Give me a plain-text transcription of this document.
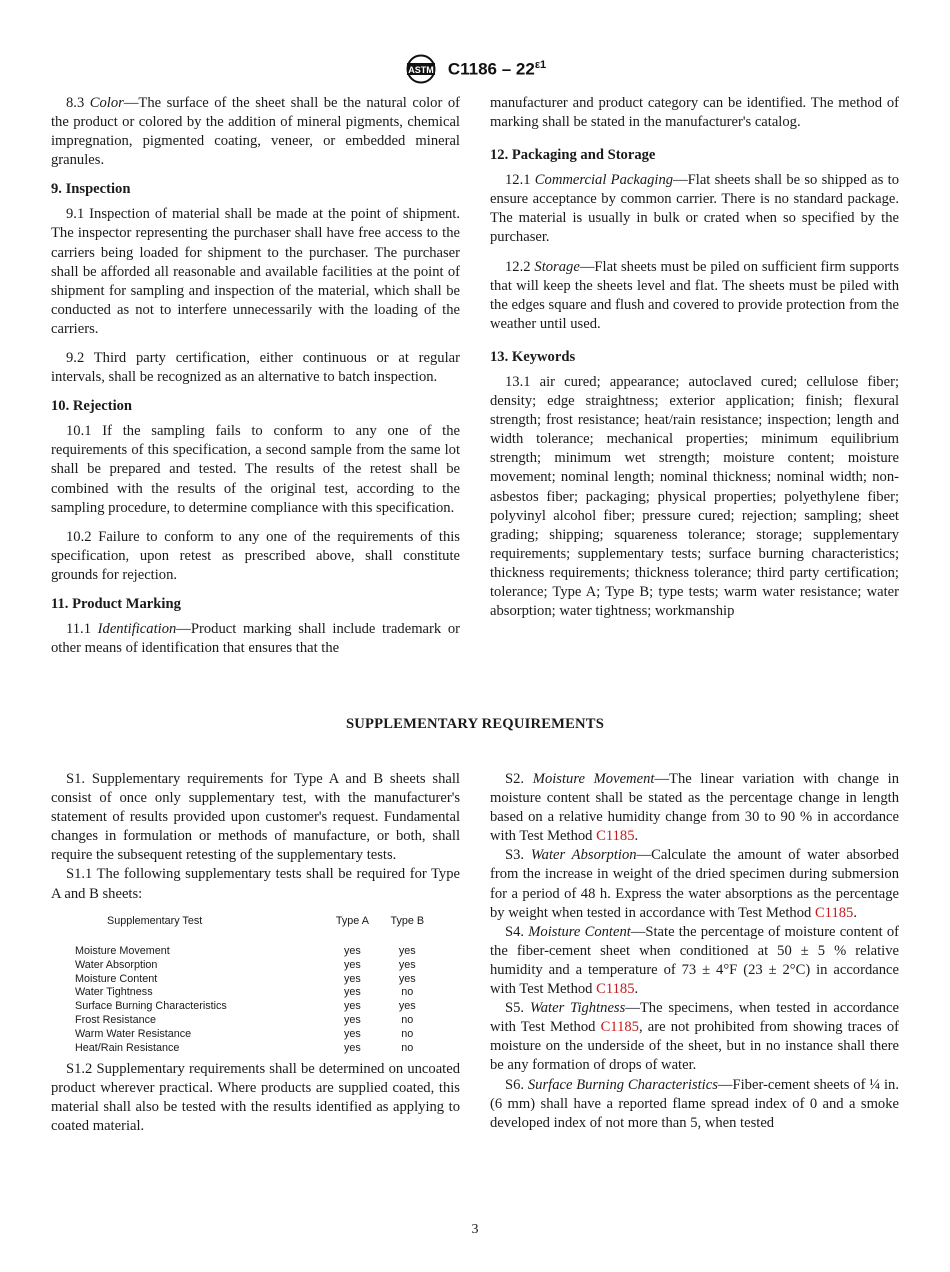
ASTM $C1186 - 22^{\varepsilon 1}$

8.3 Color—The surface of the sheet shall be the natural color of the product or colored by the addition of mineral pigments, chemical impregnation, pigmented coating, veneer, or embedded mineral granules.

9. Inspection

9.1 Inspection of material shall be made at the point of shipment. The inspector representing the purchaser shall have free access to the carriers being loaded for shipment to the purchaser. The purchaser shall be afforded all reasonable and available facilities at the point of shipment for sampling and inspection of the material, which shall be conducted as not to interfere unnecessarily with the loading of the carriers.

9.2 Third party certification, either continuous or at regular intervals, shall be recognized as an alternative to batch inspection.

10. Rejection

10.1 If the sampling fails to conform to any one of the requirements of this specification, a second sample from the same lot shall be prepared and tested. The results of the retest shall be combined with the results of the original test, according to the sampling procedure, to determine compliance with this specification.

10.2 Failure to conform to any one of the requirements of this specification, upon retest as prescribed above, shall constitute grounds for rejection.

11. Product Marking

11.1 Identification—Product marking shall include trademark or other means of identification that ensures that the

manufacturer and product category can be identified. The method of marking shall be stated in the manufacturer's catalog.

12. Packaging and Storage

12.1 Commercial Packaging—Flat sheets shall be so shipped as to ensure acceptance by common carrier. There is no standard package. The material is usually in bulk or crated when so specified by the purchaser.

12.2 Storage—Flat sheets must be piled on sufficient firm supports that will keep the sheets level and flat. The sheets must be piled with the edges square and flush and covered to provide protection from the weather until used.

13. Keywords

13.1 air cured; appearance; autoclaved cured; cellulose fiber; density; edge straightness; exterior application; finish; flexural strength; frost resistance; heat/rain resistance; inspection; length and width tolerance; mechanical properties; minimum equilibrium strength; minimum wet strength; moisture content; moisture movement; nominal length; nominal thickness; nominal width; non-asbestos fiber; packaging; physical properties; polyethylene fiber; polyvinyl alcohol fiber; pressure cured; rejection; sampling; sheet grading; shipping; squareness tolerance; storage; supplementary requirements; supplementary tests; surface burning characteristics; thickness requirements; thickness tolerance; third party certification; tolerance; Type A; Type B; type tests; warm water resistance; water absorption; water tightness; workmanship

SUPPLEMENTARY REQUIREMENTS

S1. Supplementary requirements for Type A and B sheets shall consist of once only supplementary test, with the manufacturer's statement of results provided upon customer's request. Fundamental changes in formulation or methods of manufacture, or both, shall require the subsequent retesting of the supplementary tests.

S1.1 The following supplementary tests shall be required for Type A and B sheets:

Supplementary Test	Type A	Type B
Moisture Movement	yes	yes
Water Absorption	yes	yes
Moisture Content	yes	yes
Water Tightness	yes	no
Surface Burning Characteristics	yes	yes
Frost Resistance	yes	no
Warm Water Resistance	yes	no
Heat/Rain Resistance	yes	no

S1.2 Supplementary requirements shall be determined on uncoated product wherever practical. Where products are supplied coated, this material shall also be tested with the results identified as applying to coated material.

S2. Moisture Movement—The linear variation with change in moisture content shall be stated as the percentage change in length based on a relative humidity change from 30 to 90 % in accordance with Test Method C1185.

S3. Water Absorption—Calculate the amount of water absorbed from the increase in weight of the dried specimen during submersion for a period of 48 h. Express the water absorptions as the percentage by weight when tested in accordance with Test Method C1185.

S4. Moisture Content—State the percentage of moisture content of the fiber-cement sheet when conditioned at 50 ± 5 % relative humidity and a temperature of 73 ± 4°F (23 ± 2°C) in accordance with Test Method C1185.

S5. Water Tightness—The specimens, when tested in accordance with Test Method C1185, are not prohibited from showing traces of moisture on the underside of the sheet, but in no instance shall there be any formation of drops of water.

S6. Surface Burning Characteristics—Fiber-cement sheets of ¼ in. (6 mm) shall have a reported flame spread index of 0 and a smoke developed index of not more than 5, when tested

3
